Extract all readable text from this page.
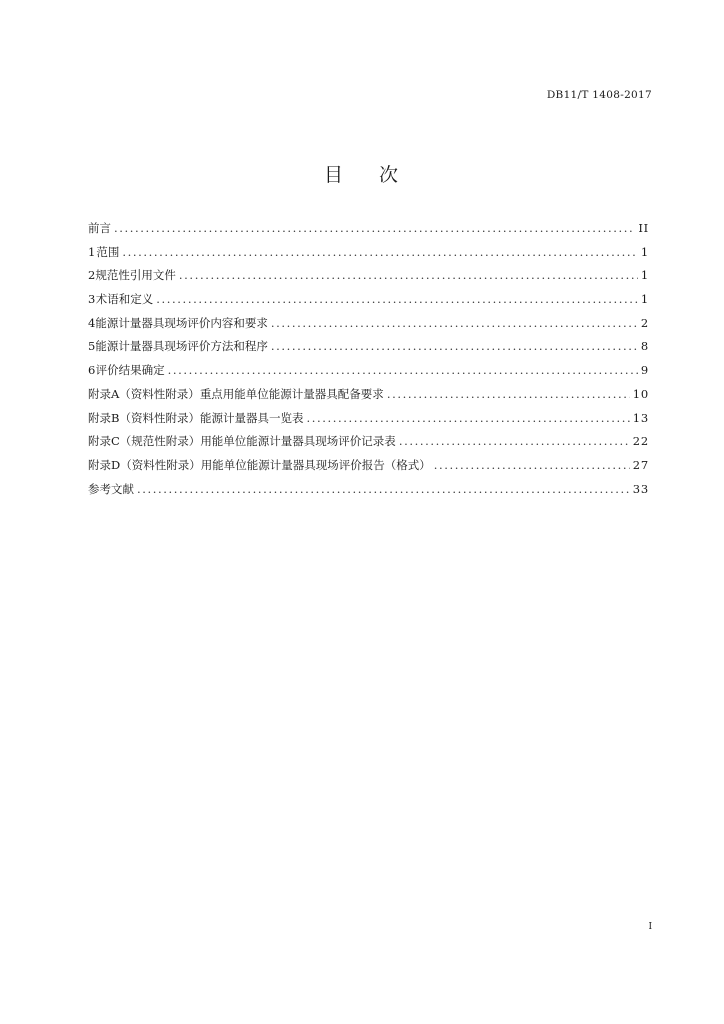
DB11/T 1408-2017
目 次
前言 .....	II
1 范围 .....	1
2 规范性引用文件 .....	1
3 术语和定义 .....	1
4 能源计量器具现场评价内容和要求 .....	2
5 能源计量器具现场评价方法和程序 .....	8
6 评价结果确定 .....	9
附录A（资料性附录） 重点用能单位能源计量器具配备要求 .....	10
附录B（资料性附录） 能源计量器具一览表 .....	13
附录C（规范性附录） 用能单位能源计量器具现场评价记录表 .....	22
附录D（资料性附录） 用能单位能源计量器具现场评价报告（格式） .....	27
参考文献 .....	33
I
